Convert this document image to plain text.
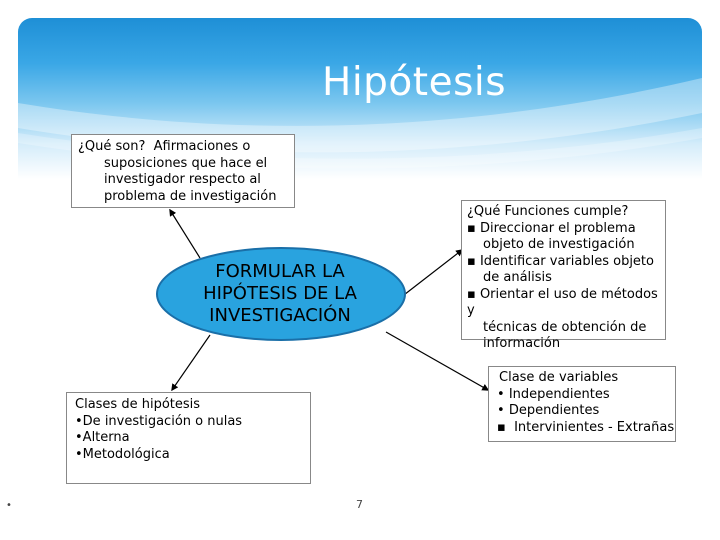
Hipótesis
FORMULAR LA
HIPÓTESIS DE LA
INVESTIGACIÓN
¿Qué son? Afirmaciones o
suposiciones que hace el
investigador respecto al
problema de investigación
¿Qué Funciones cumple?
▪ Direccionar el problema
objeto de investigación
▪ Identificar variables objeto
de análisis
▪ Orientar el uso de métodos y
técnicas de obtención de
información
Clases de hipótesis
•De investigación o nulas
•Alterna
•Metodológica
Clase de variables
• Independientes
• Dependientes
▪  Intervinientes - Extrañas
•	7
